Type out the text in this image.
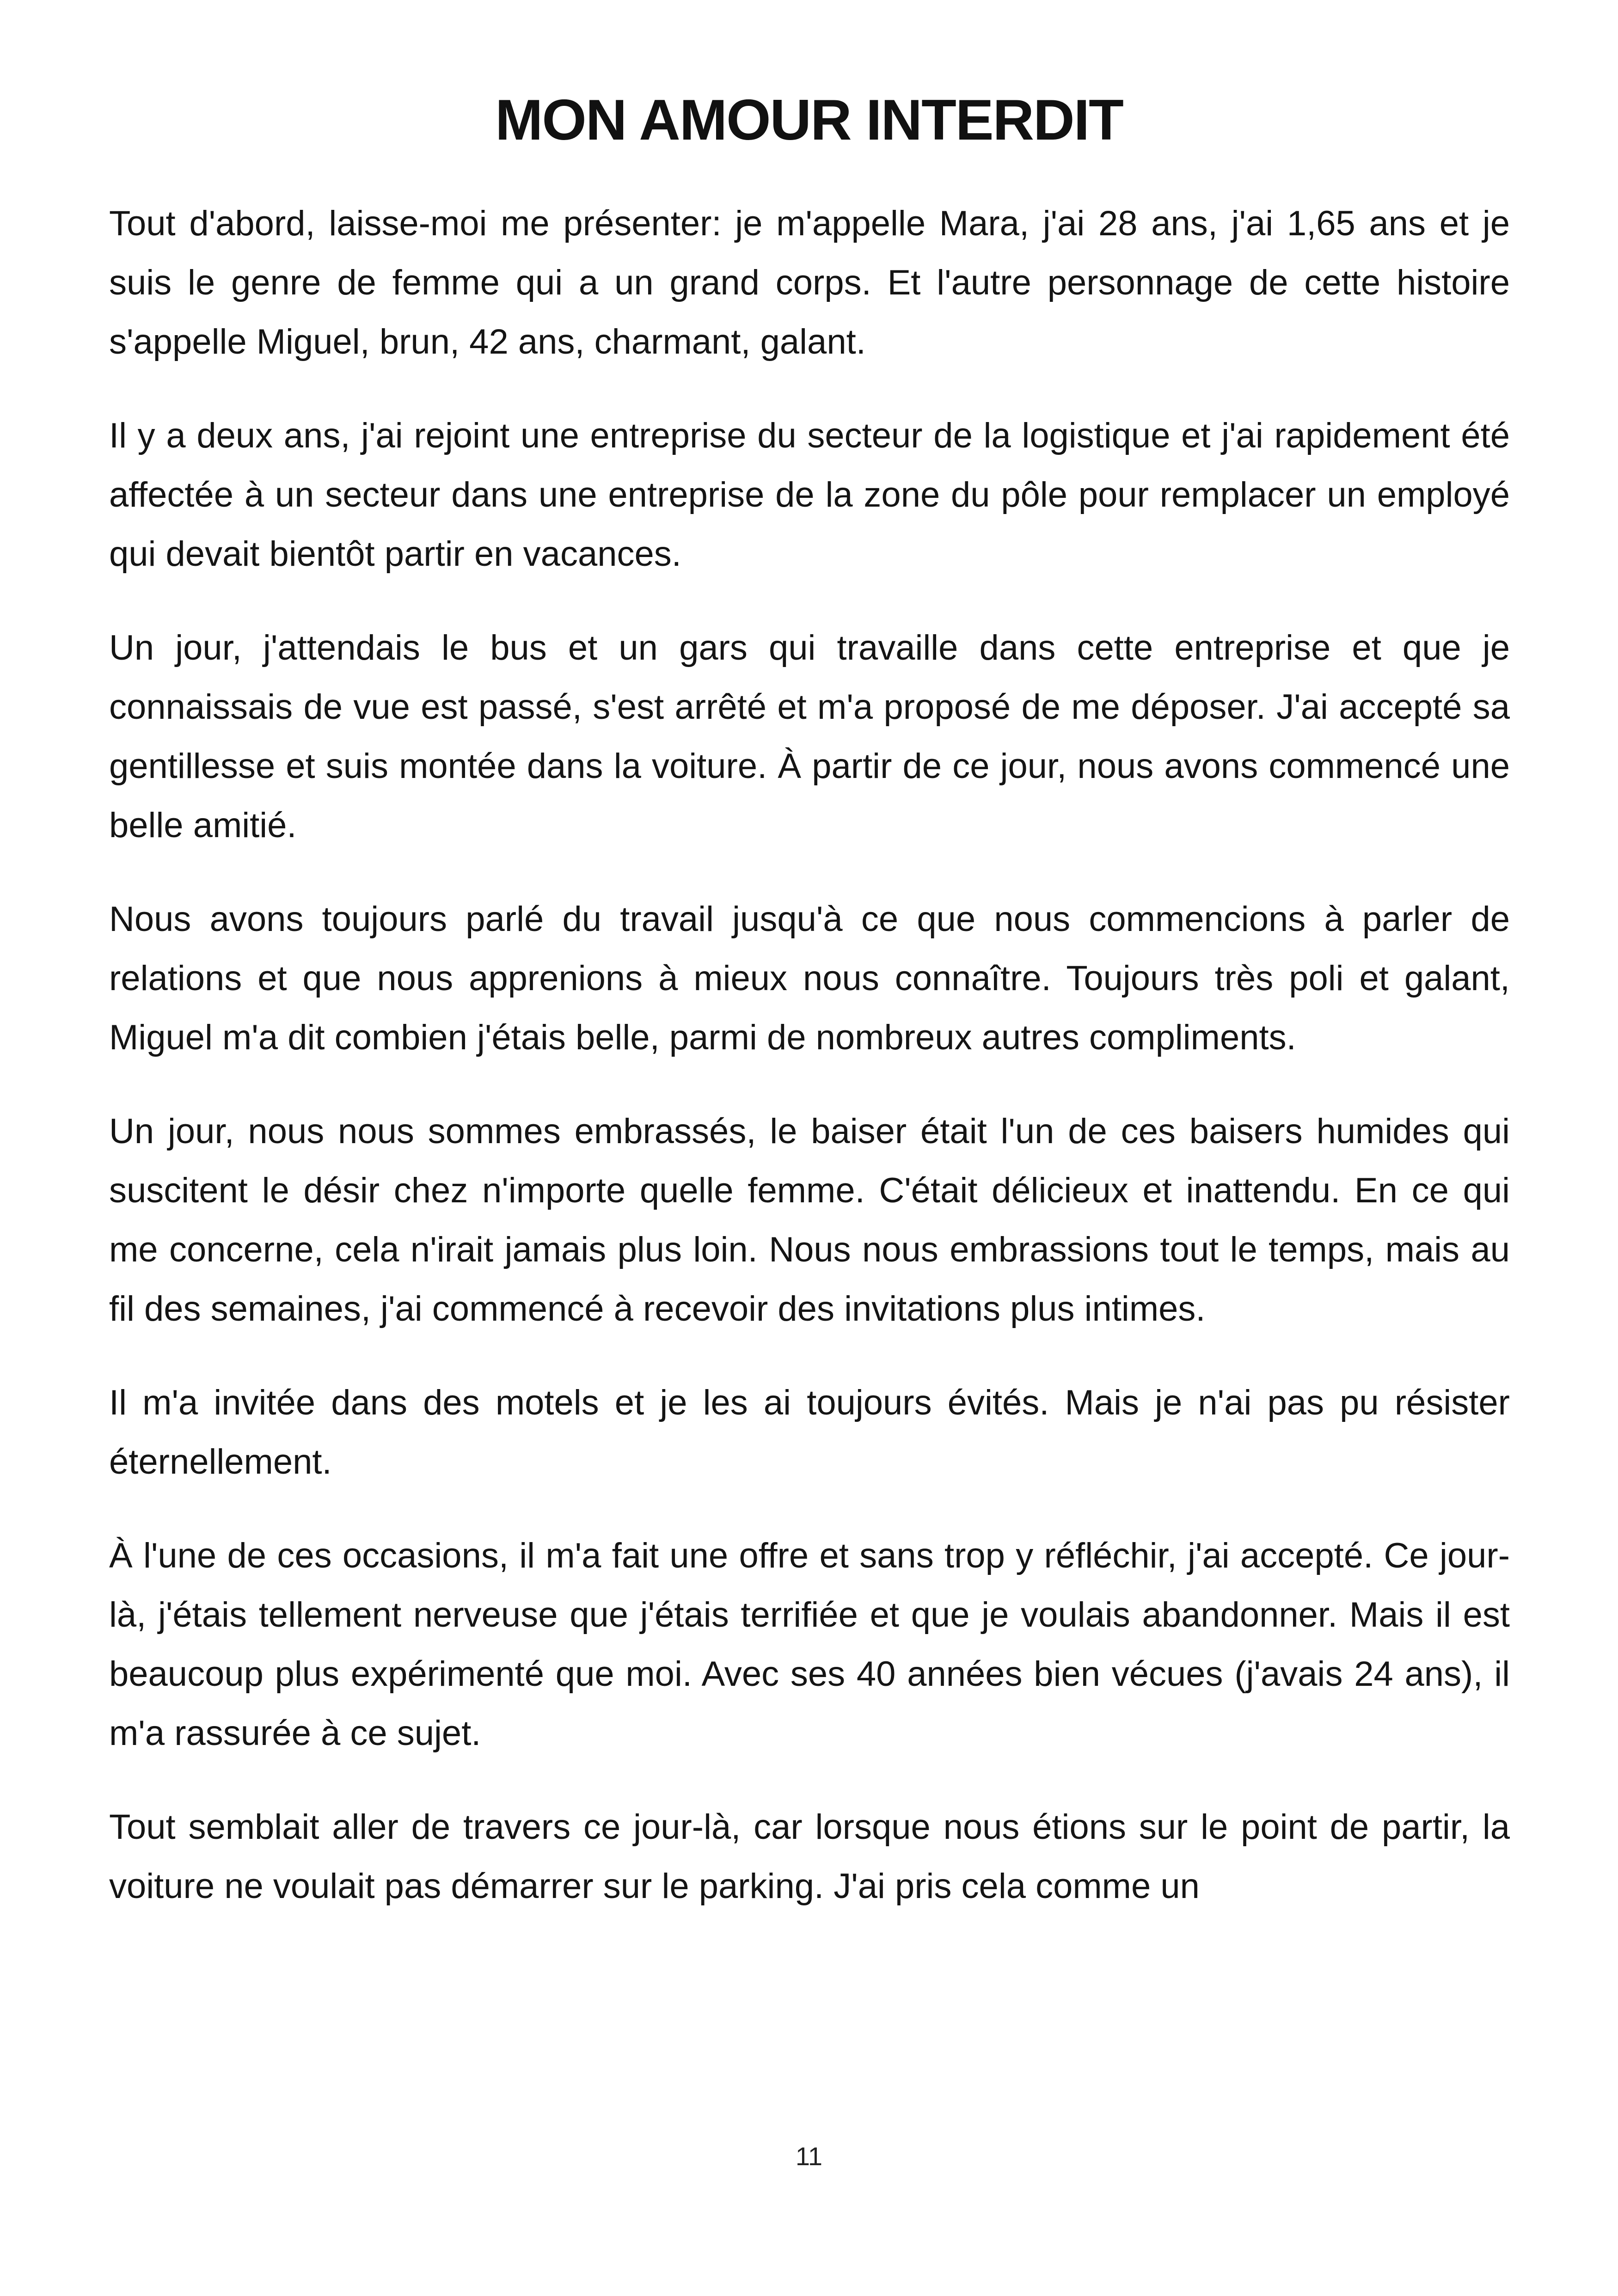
MON AMOUR INTERDIT

Tout d'abord, laisse-moi me présenter: je m'appelle Mara, j'ai 28 ans, j'ai 1,65 ans et je suis le genre de femme qui a un grand corps. Et l'autre personnage de cette histoire s'appelle Miguel, brun, 42 ans, charmant, galant.

Il y a deux ans, j'ai rejoint une entreprise du secteur de la logistique et j'ai rapidement été affectée à un secteur dans une entreprise de la zone du pôle pour remplacer un employé qui devait bientôt partir en vacances.

Un jour, j'attendais le bus et un gars qui travaille dans cette entreprise et que je connaissais de vue est passé, s'est arrêté et m'a proposé de me déposer. J'ai accepté sa gentillesse et suis montée dans la voiture. À partir de ce jour, nous avons commencé une belle amitié.

Nous avons toujours parlé du travail jusqu'à ce que nous commencions à parler de relations et que nous apprenions à mieux nous connaître. Toujours très poli et galant, Miguel m'a dit combien j'étais belle, parmi de nombreux autres compliments.

Un jour, nous nous sommes embrassés, le baiser était l'un de ces baisers humides qui suscitent le désir chez n'importe quelle femme. C'était délicieux et inattendu. En ce qui me concerne, cela n'irait jamais plus loin. Nous nous embrassions tout le temps, mais au fil des semaines, j'ai commencé à recevoir des invitations plus intimes.

Il m'a invitée dans des motels et je les ai toujours évités. Mais je n'ai pas pu résister éternellement.

À l'une de ces occasions, il m'a fait une offre et sans trop y réfléchir, j'ai accepté. Ce jour-là, j'étais tellement nerveuse que j'étais terrifiée et que je voulais abandonner. Mais il est beaucoup plus expérimenté que moi. Avec ses 40 années bien vécues (j'avais 24 ans), il m'a rassurée à ce sujet.

Tout semblait aller de travers ce jour-là, car lorsque nous étions sur le point de partir, la voiture ne voulait pas démarrer sur le parking. J'ai pris cela comme un

11
